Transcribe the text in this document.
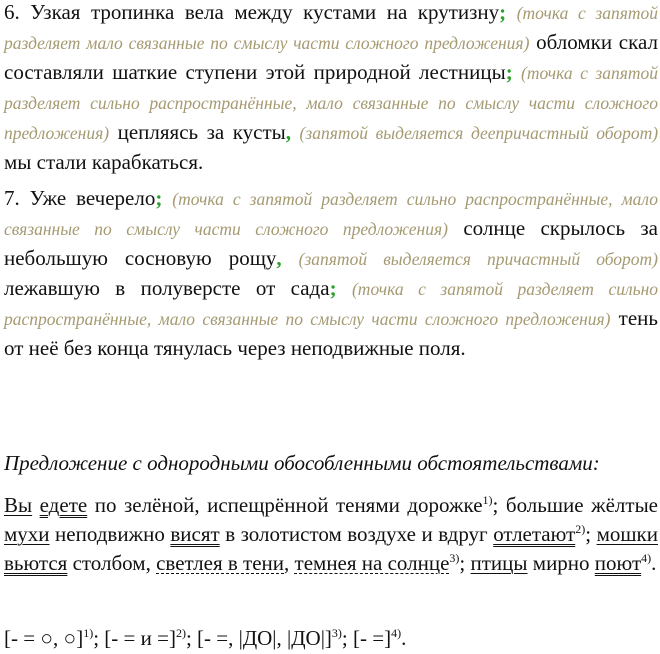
6. Узкая тропинка вела между кустами на крутизну; (точка с запятой разделяет мало связанные по смыслу части сложного предложения) обломки скал составляли шаткие ступени этой природной лестницы; (точка с запятой разделяет сильно распространённые, мало связанные по смыслу части сложного предложения) цепляясь за кусты, (запятой выделяется деепричастный оборот) мы стали карабкаться.

7. Уже вечерело; (точка с запятой разделяет сильно распространённые, мало связанные по смыслу части сложного предложения) солнце скрылось за небольшую сосновую рощу, (запятой выделяется причастный оборот) лежавшую в полуверсте от сада; (точка с запятой разделяет сильно распространённые, мало связанные по смыслу части сложного предложения) тень от неё без конца тянулась через неподвижные поля.

Предложение с однородными обособленными обстоятельствами:

Вы едете по зелёной, испещрённой тенями дорожке$^{1)}$; большие жёлтые мухи неподвижно висят в золотистом воздухе и вдруг отлетают$^{2)}$; мошки вьются столбом, светлея в тени, темнея на солнце$^{3)}$; птицы мирно поют$^{4)}$.

[- = ○, ○]$^{1)}$; [- = и =]$^{2)}$; [- =, |ДО|, |ДО|]$^{3)}$; [- =]$^{4)}$.
